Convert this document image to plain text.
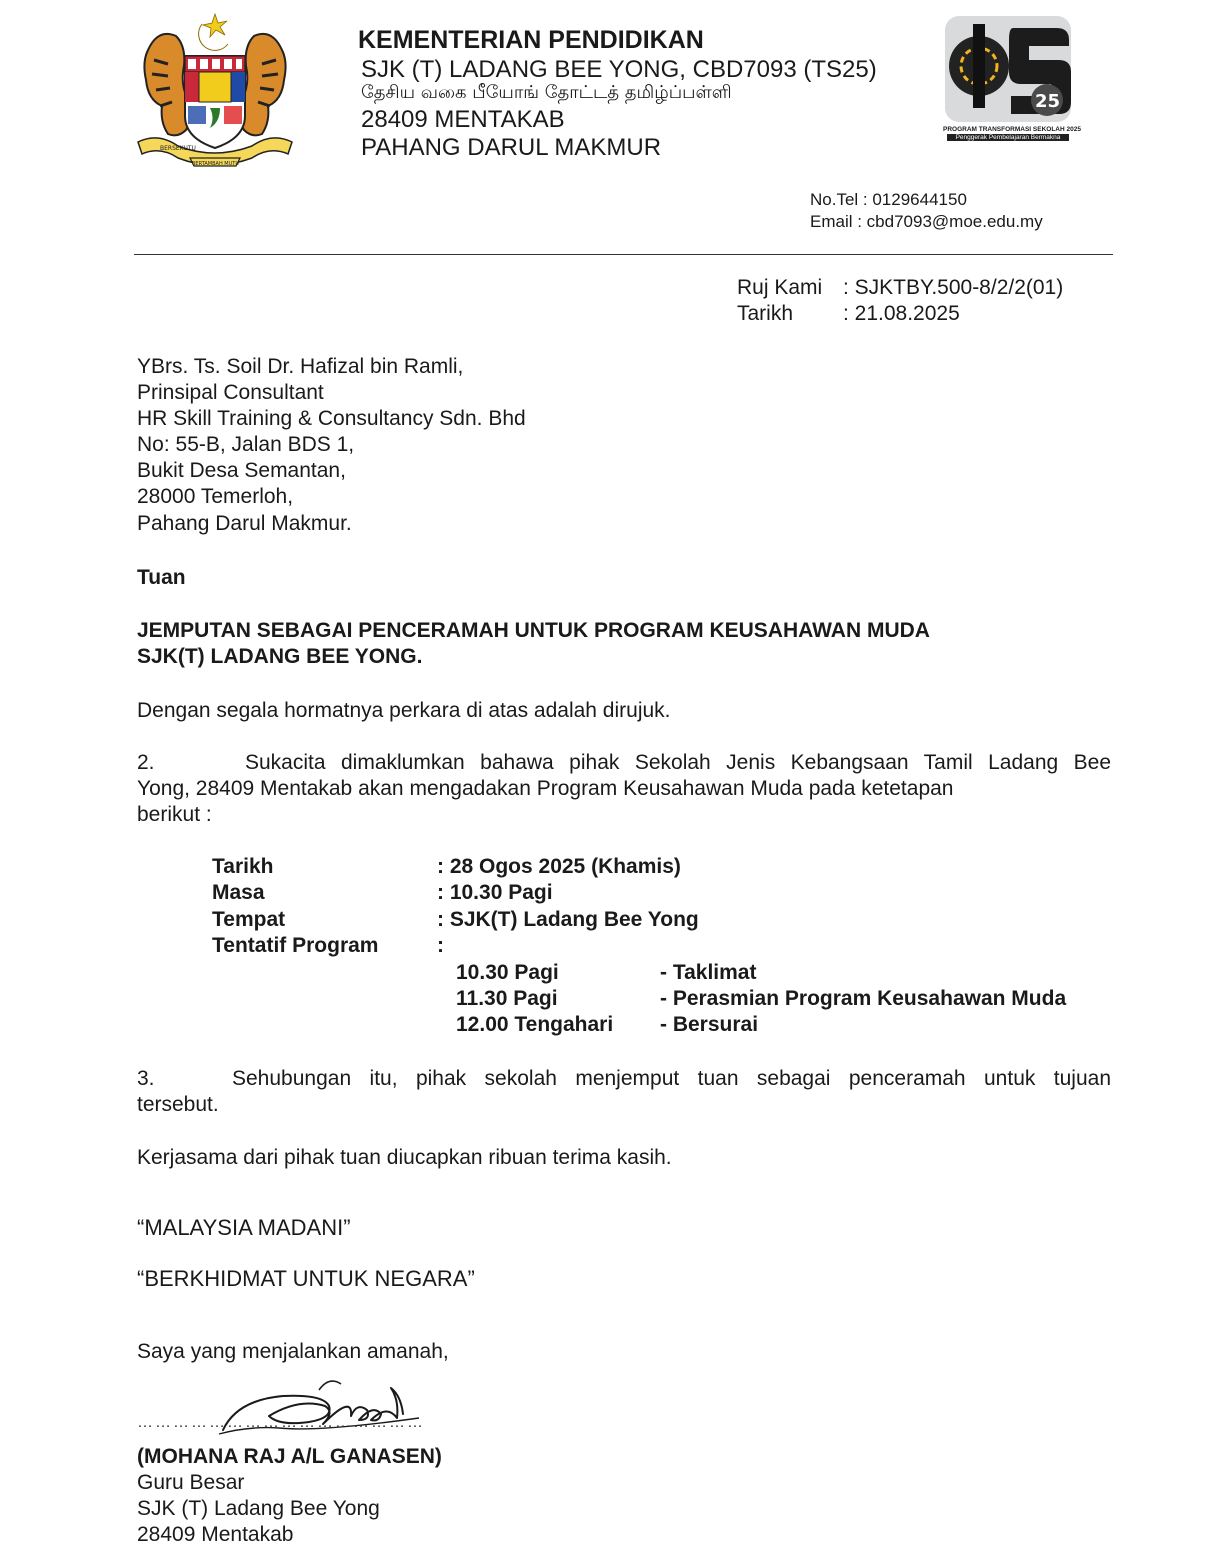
BERSEKUTU
BERTAMBAH MUTU
KEMENTERIAN PENDIDIKAN
SJK (T) LADANG BEE YONG, CBD7093 (TS25)
தேசிய வகை பீயோங் தோட்டத் தமிழ்ப்பள்ளி
28409 MENTAKAB
PAHANG DARUL MAKMUR
25
PROGRAM TRANSFORMASI SEKOLAH 2025
Penggerak Pembelajaran Bermakna
No.Tel : 0129644150
Email : cbd7093@moe.edu.my
Ruj Kami : SJKTBY.500-8/2/2(01)
Tarikh : 21.08.2025
YBrs. Ts. Soil Dr. Hafizal bin Ramli,
Prinsipal Consultant
HR Skill Training & Consultancy Sdn. Bhd
No: 55-B, Jalan BDS 1,
Bukit Desa Semantan,
28000 Temerloh,
Pahang Darul Makmur.
Tuan
JEMPUTAN SEBAGAI PENCERAMAH UNTUK PROGRAM KEUSAHAWAN MUDA
SJK(T) LADANG BEE YONG.
Dengan segala hormatnya perkara di atas adalah dirujuk.
2.	Sukacita dimaklumkan bahawa pihak Sekolah Jenis Kebangsaan Tamil Ladang Bee
Yong, 28409 Mentakab akan mengadakan Program Keusahawan Muda pada ketetapan
berikut :
Tarikh	: 28 Ogos 2025 (Khamis)
Masa	: 10.30 Pagi
Tempat	: SJK(T) Ladang Bee Yong
Tentatif Program	:
10.30 Pagi	- Taklimat
11.30 Pagi	- Perasmian Program Keusahawan Muda
12.00 Tengahari - Bersurai
3.	Sehubungan itu, pihak sekolah menjemput tuan sebagai penceramah untuk tujuan
tersebut.
Kerjasama dari pihak tuan diucapkan ribuan terima kasih.
“MALAYSIA MADANI”
“BERKHIDMAT UNTUK NEGARA”
Saya yang menjalankan amanah,
…………………………………………
(MOHANA RAJ A/L GANASEN)
Guru Besar
SJK (T) Ladang Bee Yong
28409 Mentakab
